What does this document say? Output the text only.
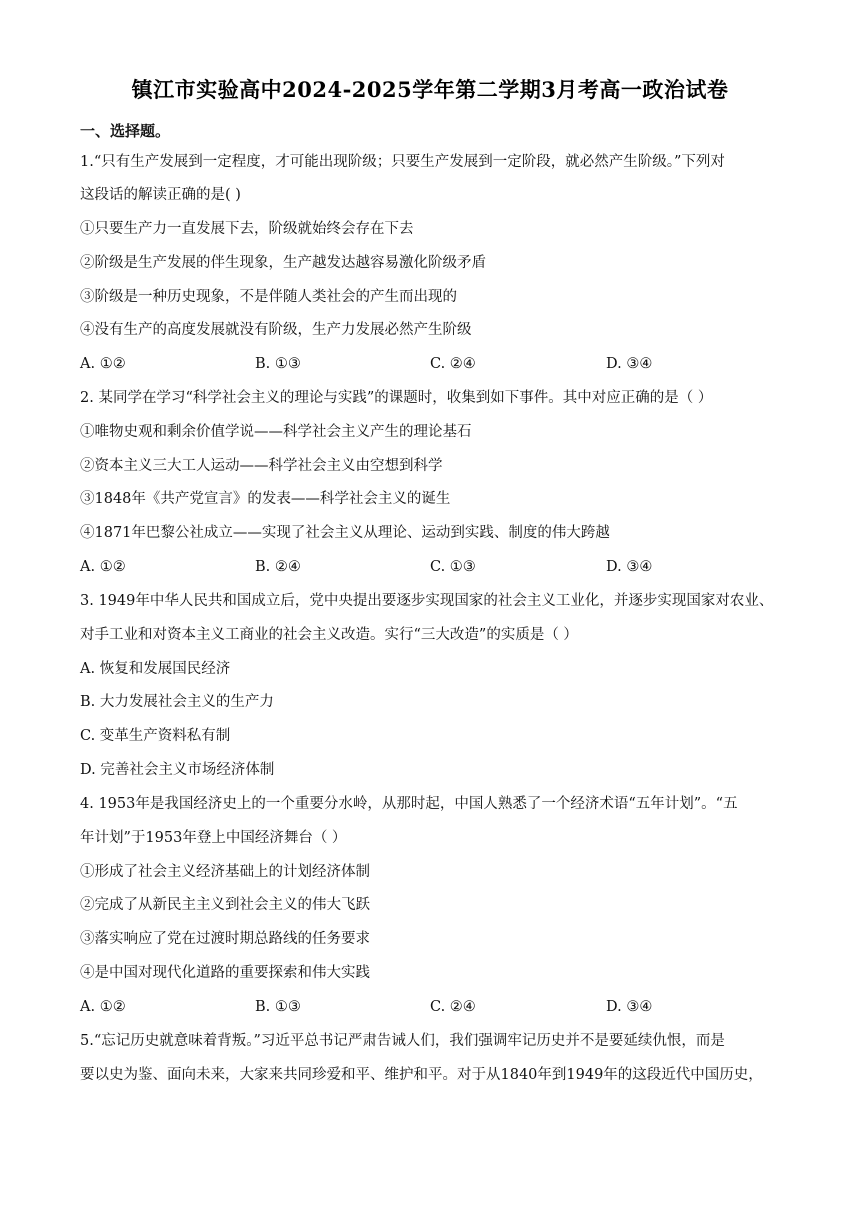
镇江市实验高中2024-2025学年第二学期3月考高一政治试卷
一、选择题。
1.“只有生产发展到一定程度，才可能出现阶级；只要生产发展到一定阶段，就必然产生阶级。”下列对
这段话的解读正确的是( )
①只要生产力一直发展下去，阶级就始终会存在下去
②阶级是生产发展的伴生现象，生产越发达越容易激化阶级矛盾
③阶级是一种历史现象，不是伴随人类社会的产生而出现的
④没有生产的高度发展就没有阶级，生产力发展必然产生阶级
A. ①②	B. ①③	C. ②④	D. ③④
2. 某同学在学习“科学社会主义的理论与实践”的课题时，收集到如下事件。其中对应正确的是（ ）
①唯物史观和剩余价值学说——科学社会主义产生的理论基石
②资本主义三大工人运动——科学社会主义由空想到科学
③1848年《共产党宣言》的发表——科学社会主义的诞生
④1871年巴黎公社成立——实现了社会主义从理论、运动到实践、制度的伟大跨越
A. ①②	B. ②④	C. ①③	D. ③④
3. 1949年中华人民共和国成立后，党中央提出要逐步实现国家的社会主义工业化，并逐步实现国家对农业、
对手工业和对资本主义工商业的社会主义改造。实行“三大改造”的实质是（ ）
A. 恢复和发展国民经济
B. 大力发展社会主义的生产力
C. 变革生产资料私有制
D. 完善社会主义市场经济体制
4. 1953年是我国经济史上的一个重要分水岭，从那时起，中国人熟悉了一个经济术语“五年计划”。“五
年计划”于1953年登上中国经济舞台（ ）
①形成了社会主义经济基础上的计划经济体制
②完成了从新民主主义到社会主义的伟大飞跃
③落实响应了党在过渡时期总路线的任务要求
④是中国对现代化道路的重要探索和伟大实践
A. ①②	B. ①③	C. ②④	D. ③④
5.“忘记历史就意味着背叛。”习近平总书记严肃告诫人们，我们强调牢记历史并不是要延续仇恨，而是
要以史为鉴、面向未来，大家来共同珍爱和平、维护和平。对于从1840年到1949年的这段近代中国历史，
